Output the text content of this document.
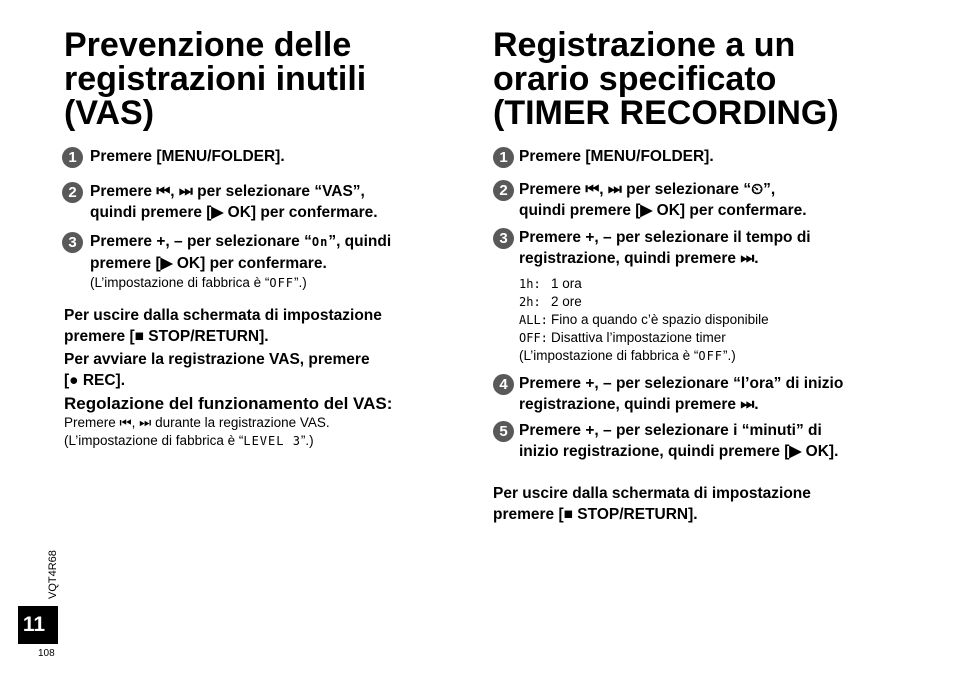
Prevenzione delle
registrazioni inutili
(VAS)
1 Premere [MENU/FOLDER].
2 Premere ⏮, ⏭ per selezionare “VAS”,
quindi premere [▶ OK] per confermare.
3 Premere +, – per selezionare “On”, quindi
premere [▶ OK] per confermare.
(L’impostazione di fabbrica è “OFF”.)
Per uscire dalla schermata di impostazione
premere [■ STOP/RETURN].
Per avviare la registrazione VAS, premere
[● REC].
Regolazione del funzionamento del VAS:
Premere ⏮, ⏭ durante la registrazione VAS.
(L’impostazione di fabbrica è “LEVEL 3”.)
Registrazione a un
orario specificato
(TIMER RECORDING)
1 Premere [MENU/FOLDER].
2 Premere ⏮, ⏭ per selezionare “⏲”,
quindi premere [▶ OK] per confermare.
3 Premere +, – per selezionare il tempo di
registrazione, quindi premere ⏭.
1h: 1 ora
2h: 2 ore
ALL: Fino a quando c’è spazio disponibile
OFF: Disattiva l’impostazione timer
(L’impostazione di fabbrica è “OFF”.)
4 Premere +, – per selezionare “l’ora” di inizio
registrazione, quindi premere ⏭.
5 Premere +, – per selezionare i “minuti” di
inizio registrazione, quindi premere [▶ OK].
Per uscire dalla schermata di impostazione
premere [■ STOP/RETURN].
VQT4R68
11
108
